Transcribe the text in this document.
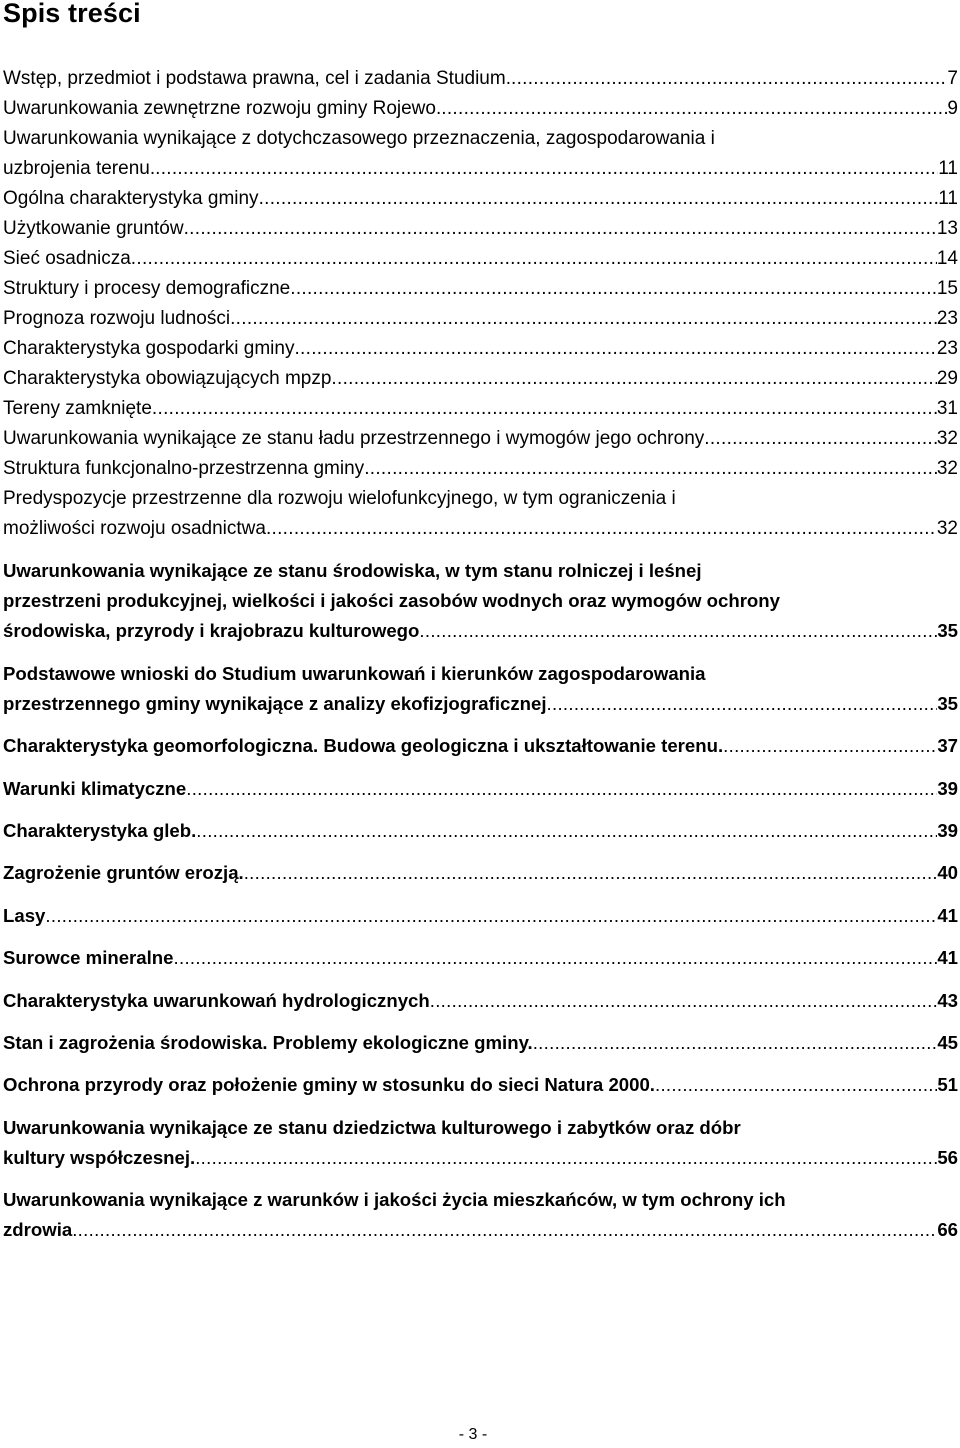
Spis treści
Wstęp, przedmiot i podstawa prawna, cel i zadania Studium. .....	7
Uwarunkowania zewnętrzne rozwoju gminy Rojewo. .....	9
Uwarunkowania wynikające z dotychczasowego przeznaczenia, zagospodarowania i
uzbrojenia terenu. .....	11
Ogólna charakterystyka gminy .....	11
Użytkowanie gruntów .....	13
Sieć osadnicza .....	14
Struktury i procesy demograficzne .....	15
Prognoza rozwoju ludności .....	23
Charakterystyka gospodarki gminy .....	23
Charakterystyka obowiązujących mpzp .....	29
Tereny zamknięte .....	31
Uwarunkowania wynikające ze stanu ładu przestrzennego i wymogów jego ochrony .....	32
Struktura funkcjonalno-przestrzenna gminy .....	32
Predyspozycje przestrzenne dla rozwoju wielofunkcyjnego, w tym ograniczenia i
możliwości rozwoju osadnictwa .....	32
Uwarunkowania wynikające ze stanu środowiska, w tym stanu rolniczej i leśnej
przestrzeni produkcyjnej, wielkości i jakości zasobów wodnych oraz wymogów ochrony
środowiska, przyrody i krajobrazu kulturowego .....	35
Podstawowe wnioski do Studium uwarunkowań i kierunków zagospodarowania
przestrzennego gminy wynikające z analizy ekofizjograficznej .....	35
Charakterystyka geomorfologiczna. Budowa geologiczna i ukształtowanie terenu. .....	37
Warunki klimatyczne .....	39
Charakterystyka gleb. .....	39
Zagrożenie gruntów erozją. .....	40
Lasy .....	41
Surowce mineralne .....	41
Charakterystyka uwarunkowań hydrologicznych .....	43
Stan i zagrożenia środowiska. Problemy ekologiczne gminy. .....	45
Ochrona przyrody oraz położenie gminy w stosunku do sieci Natura 2000. .....	51
Uwarunkowania wynikające ze stanu dziedzictwa kulturowego i zabytków oraz dóbr
kultury współczesnej. .....	56
Uwarunkowania wynikające z warunków i jakości życia mieszkańców, w tym ochrony ich
zdrowia .....	66
- 3 -
